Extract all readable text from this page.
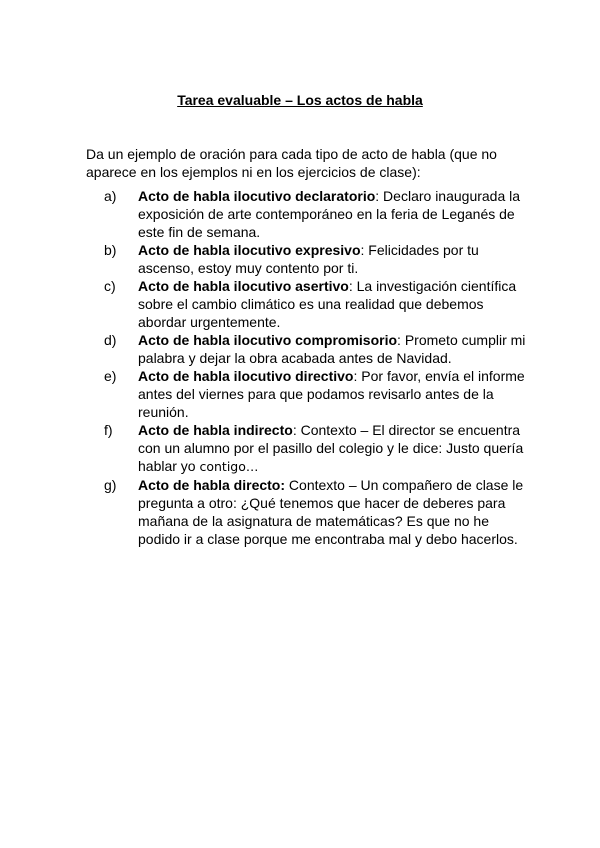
Tarea evaluable – Los actos de habla
Da un ejemplo de oración para cada tipo de acto de habla (que no aparece en los ejemplos ni en los ejercicios de clase):
a)	Acto de habla ilocutivo declaratorio: Declaro inaugurada la exposición de arte contemporáneo en la feria de Leganés de este fin de semana.
b)	Acto de habla ilocutivo expresivo: Felicidades por tu ascenso, estoy muy contento por ti.
c)	Acto de habla ilocutivo asertivo: La investigación científica sobre el cambio climático es una realidad que debemos abordar urgentemente.
d)	Acto de habla ilocutivo compromisorio: Prometo cumplir mi palabra y dejar la obra acabada antes de Navidad.
e)	Acto de habla ilocutivo directivo: Por favor, envía el informe antes del viernes para que podamos revisarlo antes de la reunión.
f)	Acto de habla indirecto: Contexto – El director se encuentra con un alumno por el pasillo del colegio y le dice: Justo quería hablar yo contigo…
g)	Acto de habla directo: Contexto – Un compañero de clase le pregunta a otro: ¿Qué tenemos que hacer de deberes para mañana de la asignatura de matemáticas? Es que no he podido ir a clase porque me encontraba mal y debo hacerlos.
